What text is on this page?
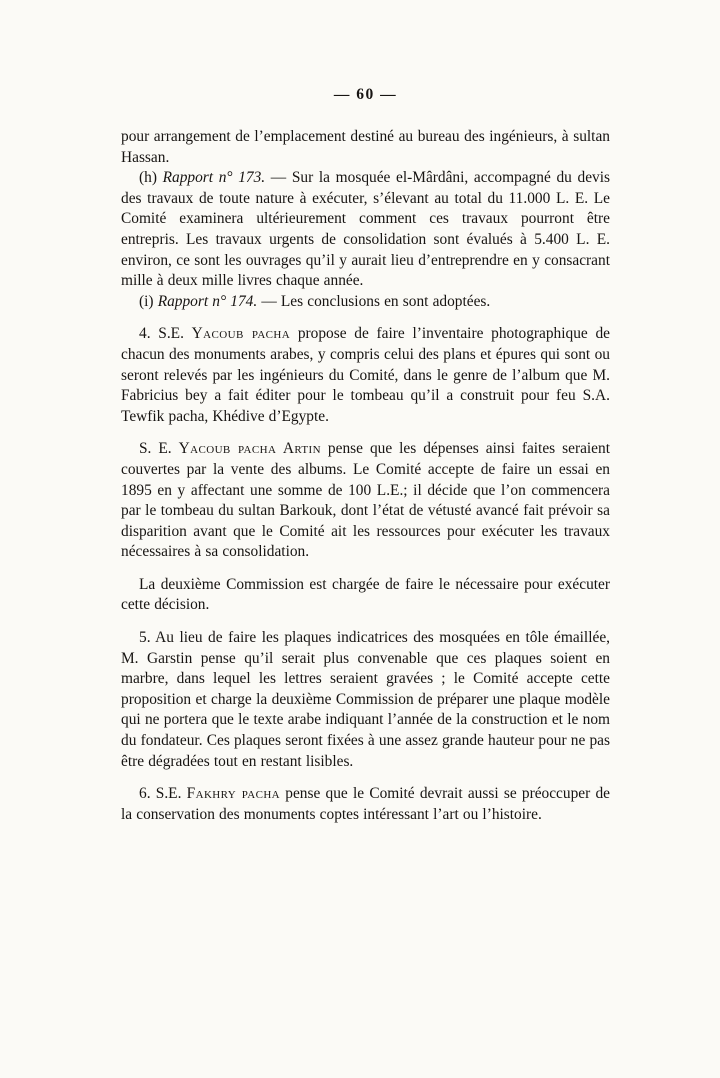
— 60 —

pour arrangement de l’emplacement destiné au bureau des ingénieurs, à sultan Hassan.

(h) Rapport n° 173. — Sur la mosquée el-Mârdâni, accompagné du devis des travaux de toute nature à exécuter, s’élevant au total du 11.000 L. E. Le Comité examinera ultérieurement comment ces travaux pourront être entrepris. Les travaux urgents de consolidation sont évalués à 5.400 L. E. environ, ce sont les ouvrages qu’il y aurait lieu d’entreprendre en y consacrant mille à deux mille livres chaque année.

(i) Rapport n° 174. — Les conclusions en sont adoptées.

4. S.E. Yacoub pacha propose de faire l’inventaire photographique de chacun des monuments arabes, y compris celui des plans et épures qui sont ou seront relevés par les ingénieurs du Comité, dans le genre de l’album que M. Fabricius bey a fait éditer pour le tombeau qu’il a construit pour feu S.A. Tewfik pacha, Khédive d’Egypte.

S. E. Yacoub pacha Artin pense que les dépenses ainsi faites seraient couvertes par la vente des albums. Le Comité accepte de faire un essai en 1895 en y affectant une somme de 100 L.E.; il décide que l’on commencera par le tombeau du sultan Barkouk, dont l’état de vétusté avancé fait prévoir sa disparition avant que le Comité ait les ressources pour exécuter les travaux nécessaires à sa consolidation.

La deuxième Commission est chargée de faire le nécessaire pour exécuter cette décision.

5. Au lieu de faire les plaques indicatrices des mosquées en tôle émaillée, M. Garstin pense qu’il serait plus convenable que ces plaques soient en marbre, dans lequel les lettres seraient gravées ; le Comité accepte cette proposition et charge la deuxième Commission de préparer une plaque modèle qui ne portera que le texte arabe indiquant l’année de la construction et le nom du fondateur. Ces plaques seront fixées à une assez grande hauteur pour ne pas être dégradées tout en restant lisibles.

6. S.E. Fakhry pacha pense que le Comité devrait aussi se préoccuper de la conservation des monuments coptes intéressant l’art ou l’histoire.
